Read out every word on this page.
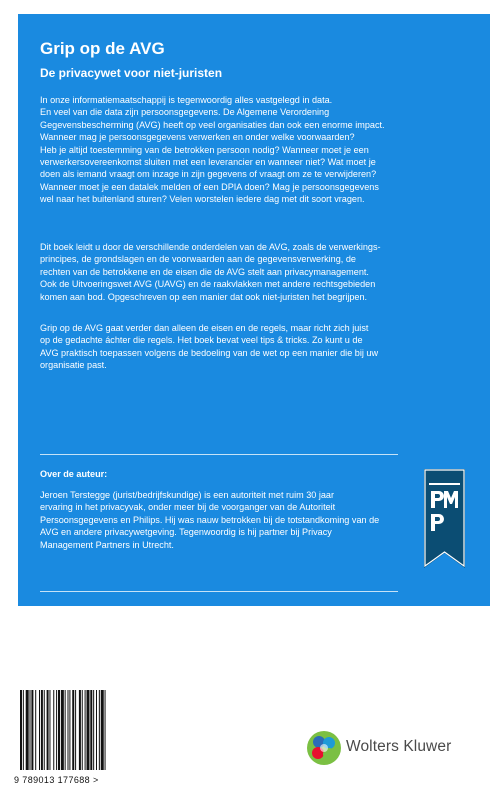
Grip op de AVG
De privacywet voor niet-juristen
In onze informatiemaatschappij is tegenwoordig alles vastgelegd in data.
En veel van die data zijn persoonsgegevens. De Algemene Verordening
Gegevensbescherming (AVG) heeft op veel organisaties dan ook een enorme impact.
Wanneer mag je persoonsgegevens verwerken en onder welke voorwaarden?
Heb je altijd toestemming van de betrokken persoon nodig? Wanneer moet je een
verwerkersovereenkomst sluiten met een leverancier en wanneer niet? Wat moet je
doen als iemand vraagt om inzage in zijn gegevens of vraagt om ze te verwijderen?
Wanneer moet je een datalek melden of een DPIA doen? Mag je persoonsgegevens
wel naar het buitenland sturen? Velen worstelen iedere dag met dit soort vragen.
Dit boek leidt u door de verschillende onderdelen van de AVG, zoals de verwerkings-
principes, de grondslagen en de voorwaarden aan de gegevensverwerking, de
rechten van de betrokkene en de eisen die de AVG stelt aan privacymanagement.
Ook de Uitvoeringswet AVG (UAVG) en de raakvlakken met andere rechtsgebieden
komen aan bod. Opgeschreven op een manier dat ook niet-juristen het begrijpen.
Grip op de AVG gaat verder dan alleen de eisen en de regels, maar richt zich juist
op de gedachte áchter die regels. Het boek bevat veel tips & tricks. Zo kunt u de
AVG praktisch toepassen volgens de bedoeling van de wet op een manier die bij uw
organisatie past.
Over de auteur:
Jeroen Terstegge (jurist/bedrijfskundige) is een autoriteit met ruim 30 jaar
ervaring in het privacyvak, onder meer bij de voorganger van de Autoriteit
Persoonsgegevens en Philips. Hij was nauw betrokken bij de totstandkoming van de
AVG en andere privacywetgeving. Tegenwoordig is hij partner bij Privacy
Management Partners in Utrecht.
9 789013 177688 >
Wolters Kluwer
